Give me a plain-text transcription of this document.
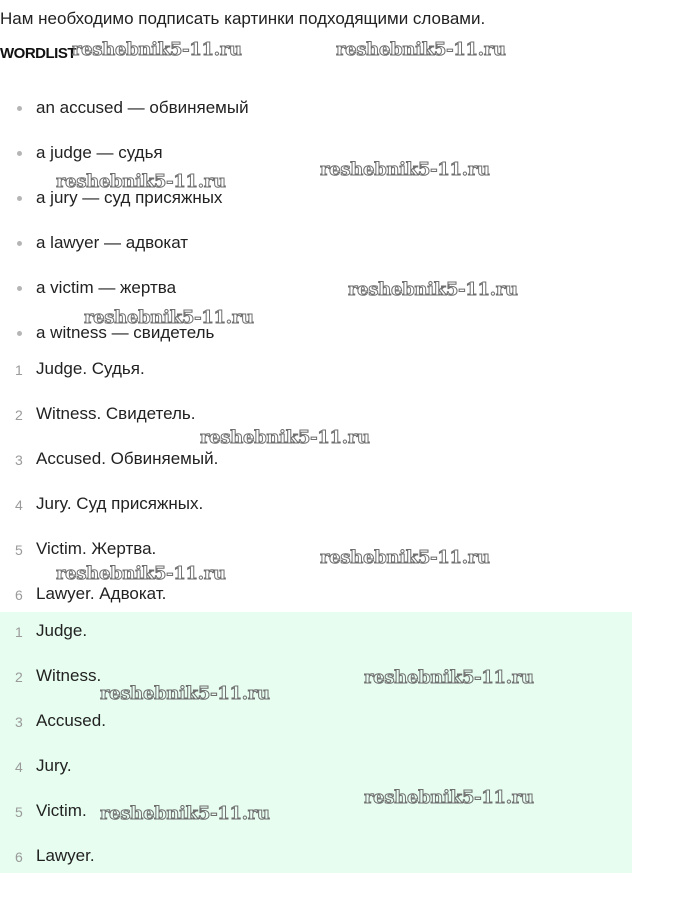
Нам необходимо подписать картинки подходящими словами.
WORDLIST
an accused — обвиняемый
a judge — судья
a jury — суд присяжных
a lawyer — адвокат
a victim — жертва
a witness — свидетель
1 Judge. Судья.
2 Witness. Свидетель.
3 Accused. Обвиняемый.
4 Jury. Суд присяжных.
5 Victim. Жертва.
6 Lawyer. Адвокат.
1 Judge.
2 Witness.
3 Accused.
4 Jury.
5 Victim.
6 Lawyer.
reshebnik5-11.ru	reshebnik5-11.ru
reshebnik5-11.ru
reshebnik5-11.ru
reshebnik5-11.ru
reshebnik5-11.ru
reshebnik5-11.ru
reshebnik5-11.ru
reshebnik5-11.ru
